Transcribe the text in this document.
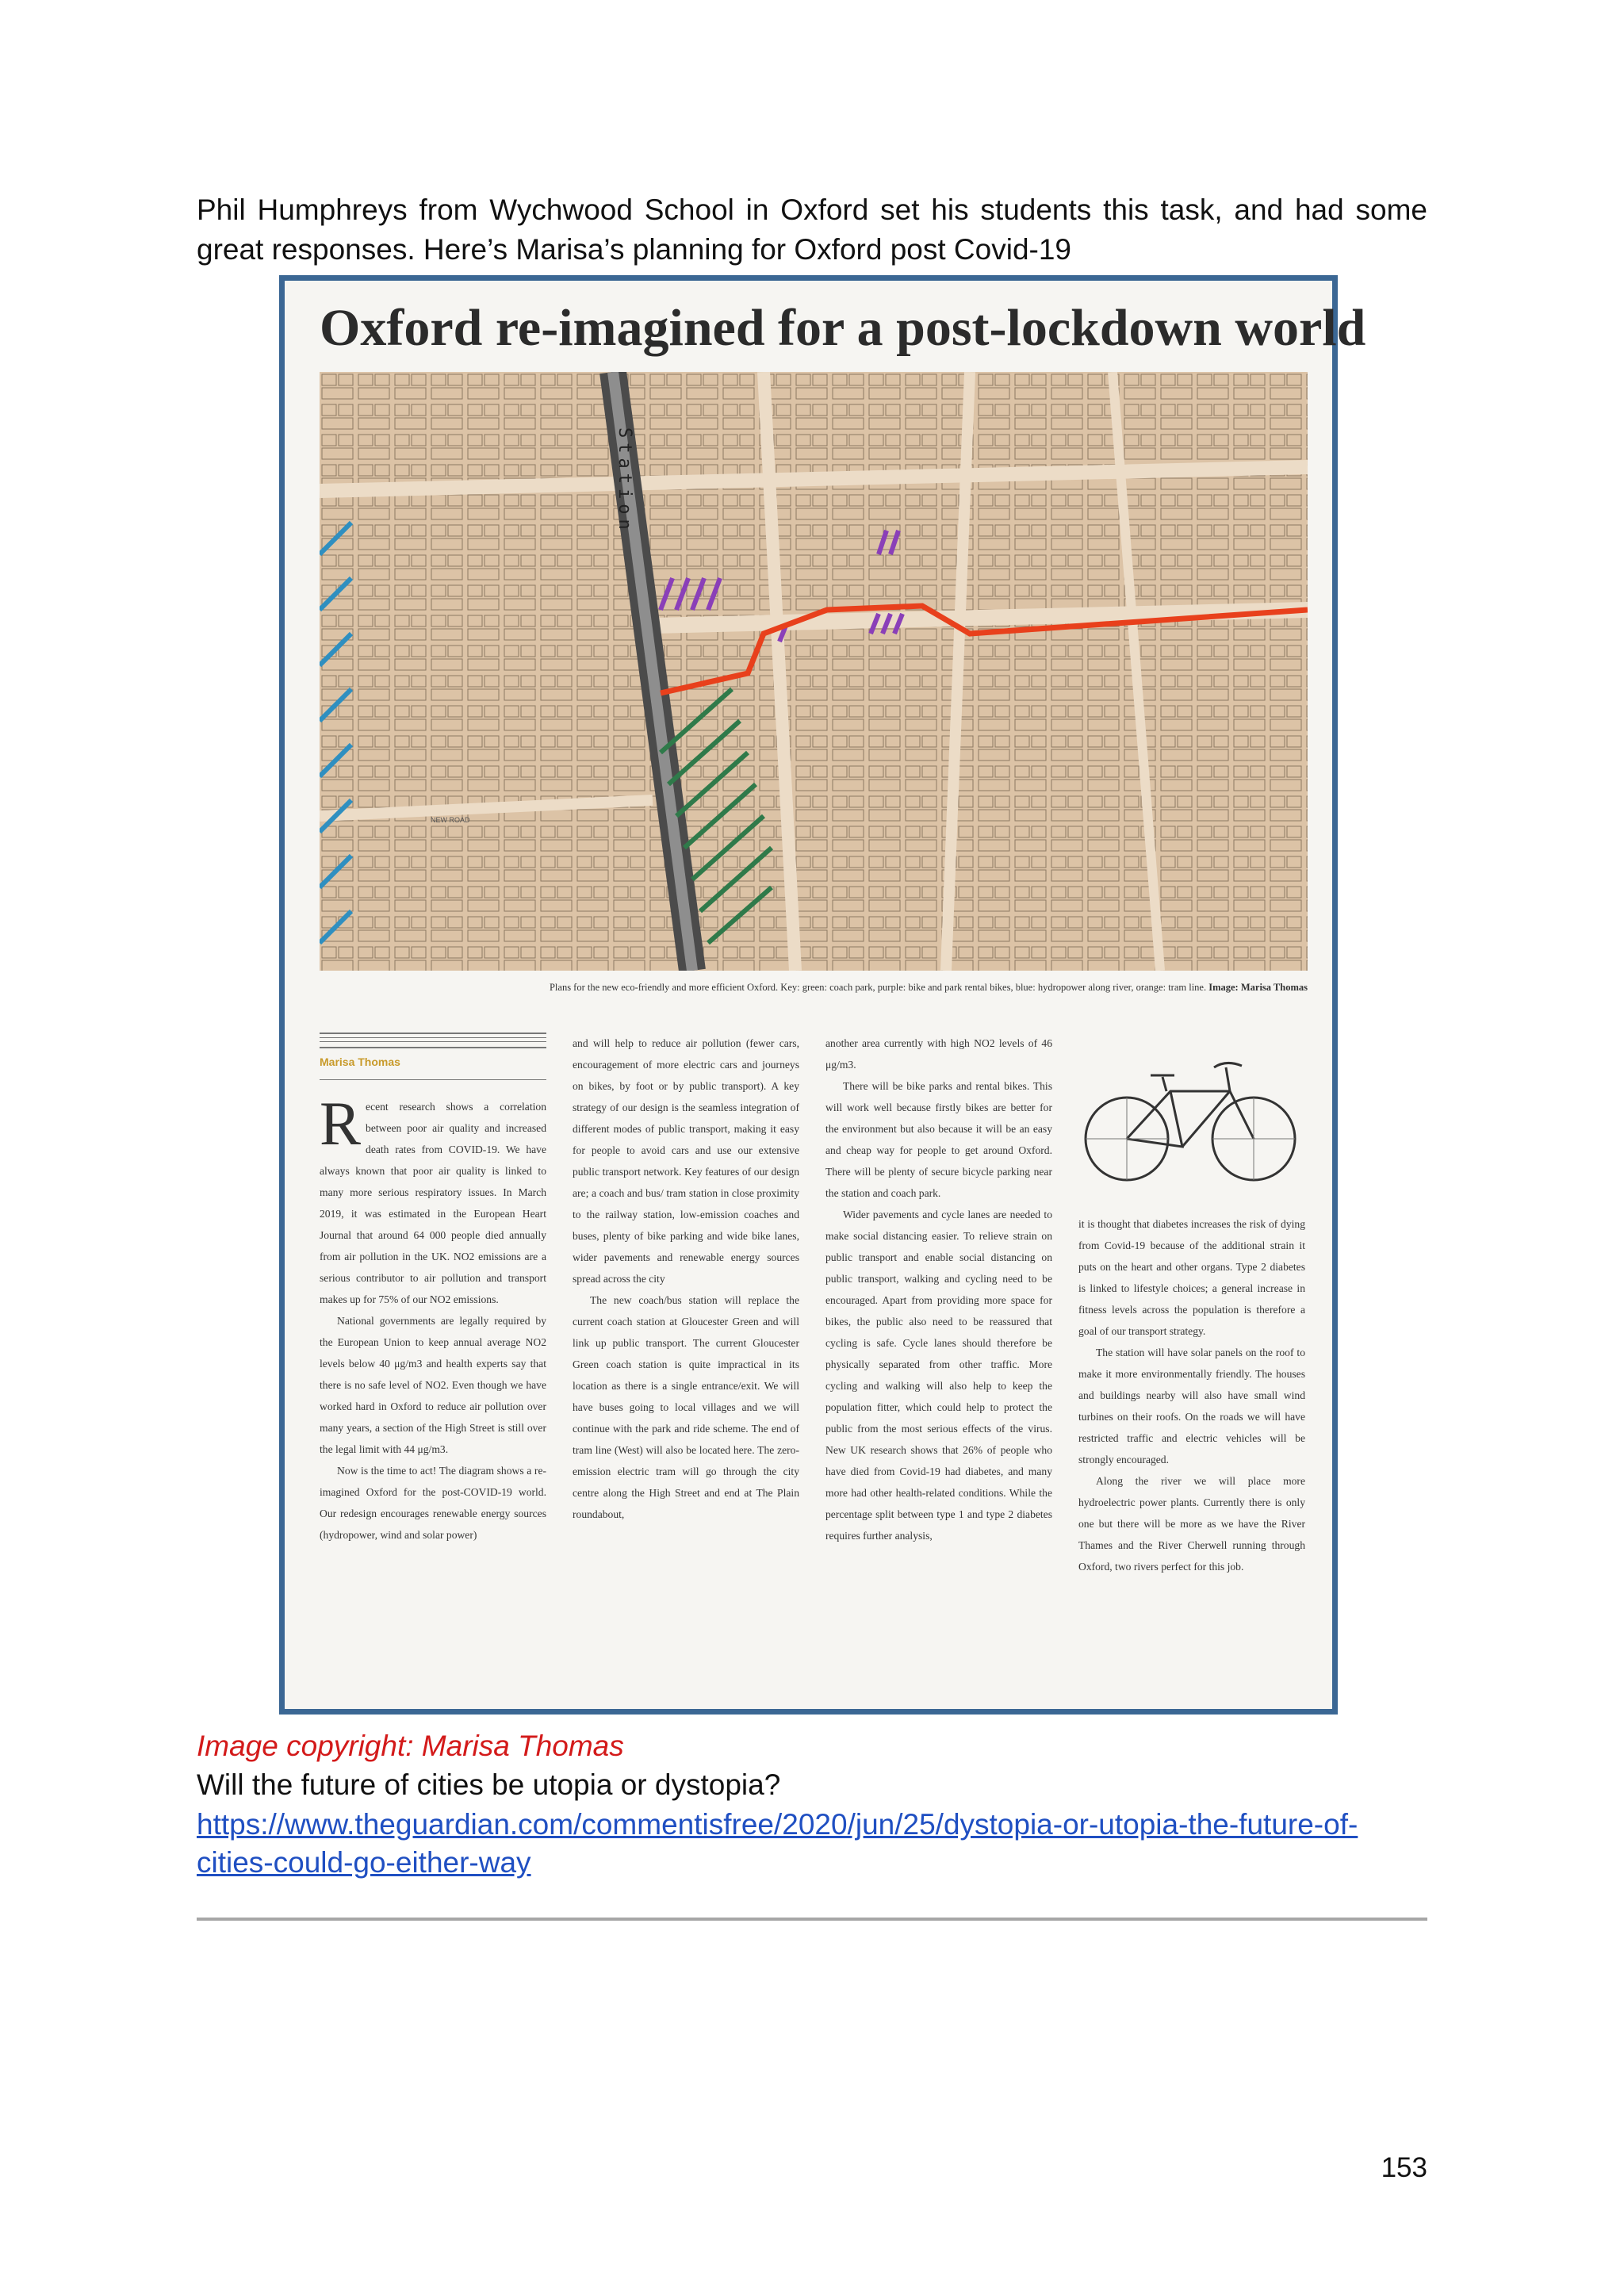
Phil Humphreys from Wychwood School in Oxford set his students this task, and had some great responses. Here’s Marisa’s planning for Oxford post Covid-19
Oxford re-imagined for a post-lockdown world
Station
NEW ROAD
Plans for the new eco-friendly and more efficient Oxford. Key: green: coach park, purple: bike and park rental bikes, blue: hydropower along river, orange: tram line. Image: Marisa Thomas
Marisa Thomas

Recent research shows a correlation between poor air quality and increased death rates from COVID-19. We have always known that poor air quality is linked to many more serious respiratory issues. In March 2019, it was estimated in the European Heart Journal that around 64 000 people died annually from air pollution in the UK. NO2 emissions are a serious contributor to air pollution and transport makes up for 75% of our NO2 emissions.

National governments are legally required by the European Union to keep annual average NO2 levels below 40 μg/m3 and health experts say that there is no safe level of NO2. Even though we have worked hard in Oxford to reduce air pollution over many years, a section of the High Street is still over the legal limit with 44 μg/m3.

Now is the time to act! The diagram shows a re-imagined Oxford for the post-COVID-19 world. Our redesign encourages renewable energy sources (hydropower, wind and solar power)

and will help to reduce air pollution (fewer cars, encouragement of more electric cars and journeys on bikes, by foot or by public transport). A key strategy of our design is the seamless integration of different modes of public transport, making it easy for people to avoid cars and use our extensive public transport network. Key features of our design are; a coach and bus/ tram station in close proximity to the railway station, low-emission coaches and buses, plenty of bike parking and wide bike lanes, wider pavements and renewable energy sources spread across the city

The new coach/bus station will replace the current coach station at Gloucester Green and will link up public transport. The current Gloucester Green coach station is quite impractical in its location as there is a single entrance/exit. We will have buses going to local villages and we will continue with the park and ride scheme. The end of tram line (West) will also be located here. The zero-emission electric tram will go through the city centre along the High Street and end at The Plain roundabout,

another area currently with high NO2 levels of 46 μg/m3.

There will be bike parks and rental bikes. This will work well because firstly bikes are better for the environment but also because it will be an easy and cheap way for people to get around Oxford. There will be plenty of secure bicycle parking near the station and coach park.

Wider pavements and cycle lanes are needed to make social distancing easier. To relieve strain on public transport and enable social distancing on public transport, walking and cycling need to be encouraged. Apart from providing more space for bikes, the public also need to be reassured that cycling is safe. Cycle lanes should therefore be physically separated from other traffic. More cycling and walking will also help to keep the population fitter, which could help to protect the public from the most serious effects of the virus. New UK research shows that 26% of people who have died from Covid-19 had diabetes, and many more had other health-related conditions. While the percentage split between type 1 and type 2 diabetes requires further analysis,

it is thought that diabetes increases the risk of dying from Covid-19 because of the additional strain it puts on the heart and other organs. Type 2 diabetes is linked to lifestyle choices; a general increase in fitness levels across the population is therefore a goal of our transport strategy.

The station will have solar panels on the roof to make it more environmentally friendly. The houses and buildings nearby will also have small wind turbines on their roofs. On the roads we will have restricted traffic and electric vehicles will be strongly encouraged.

Along the river we will place more hydroelectric power plants. Currently there is only one but there will be more as we have the River Thames and the River Cherwell running through Oxford, two rivers perfect for this job.

Image copyright: Marisa Thomas
Will the future of cities be utopia or dystopia?
https://www.theguardian.com/commentisfree/2020/jun/25/dystopia-or-utopia-the-future-of-cities-could-go-either-way
153
